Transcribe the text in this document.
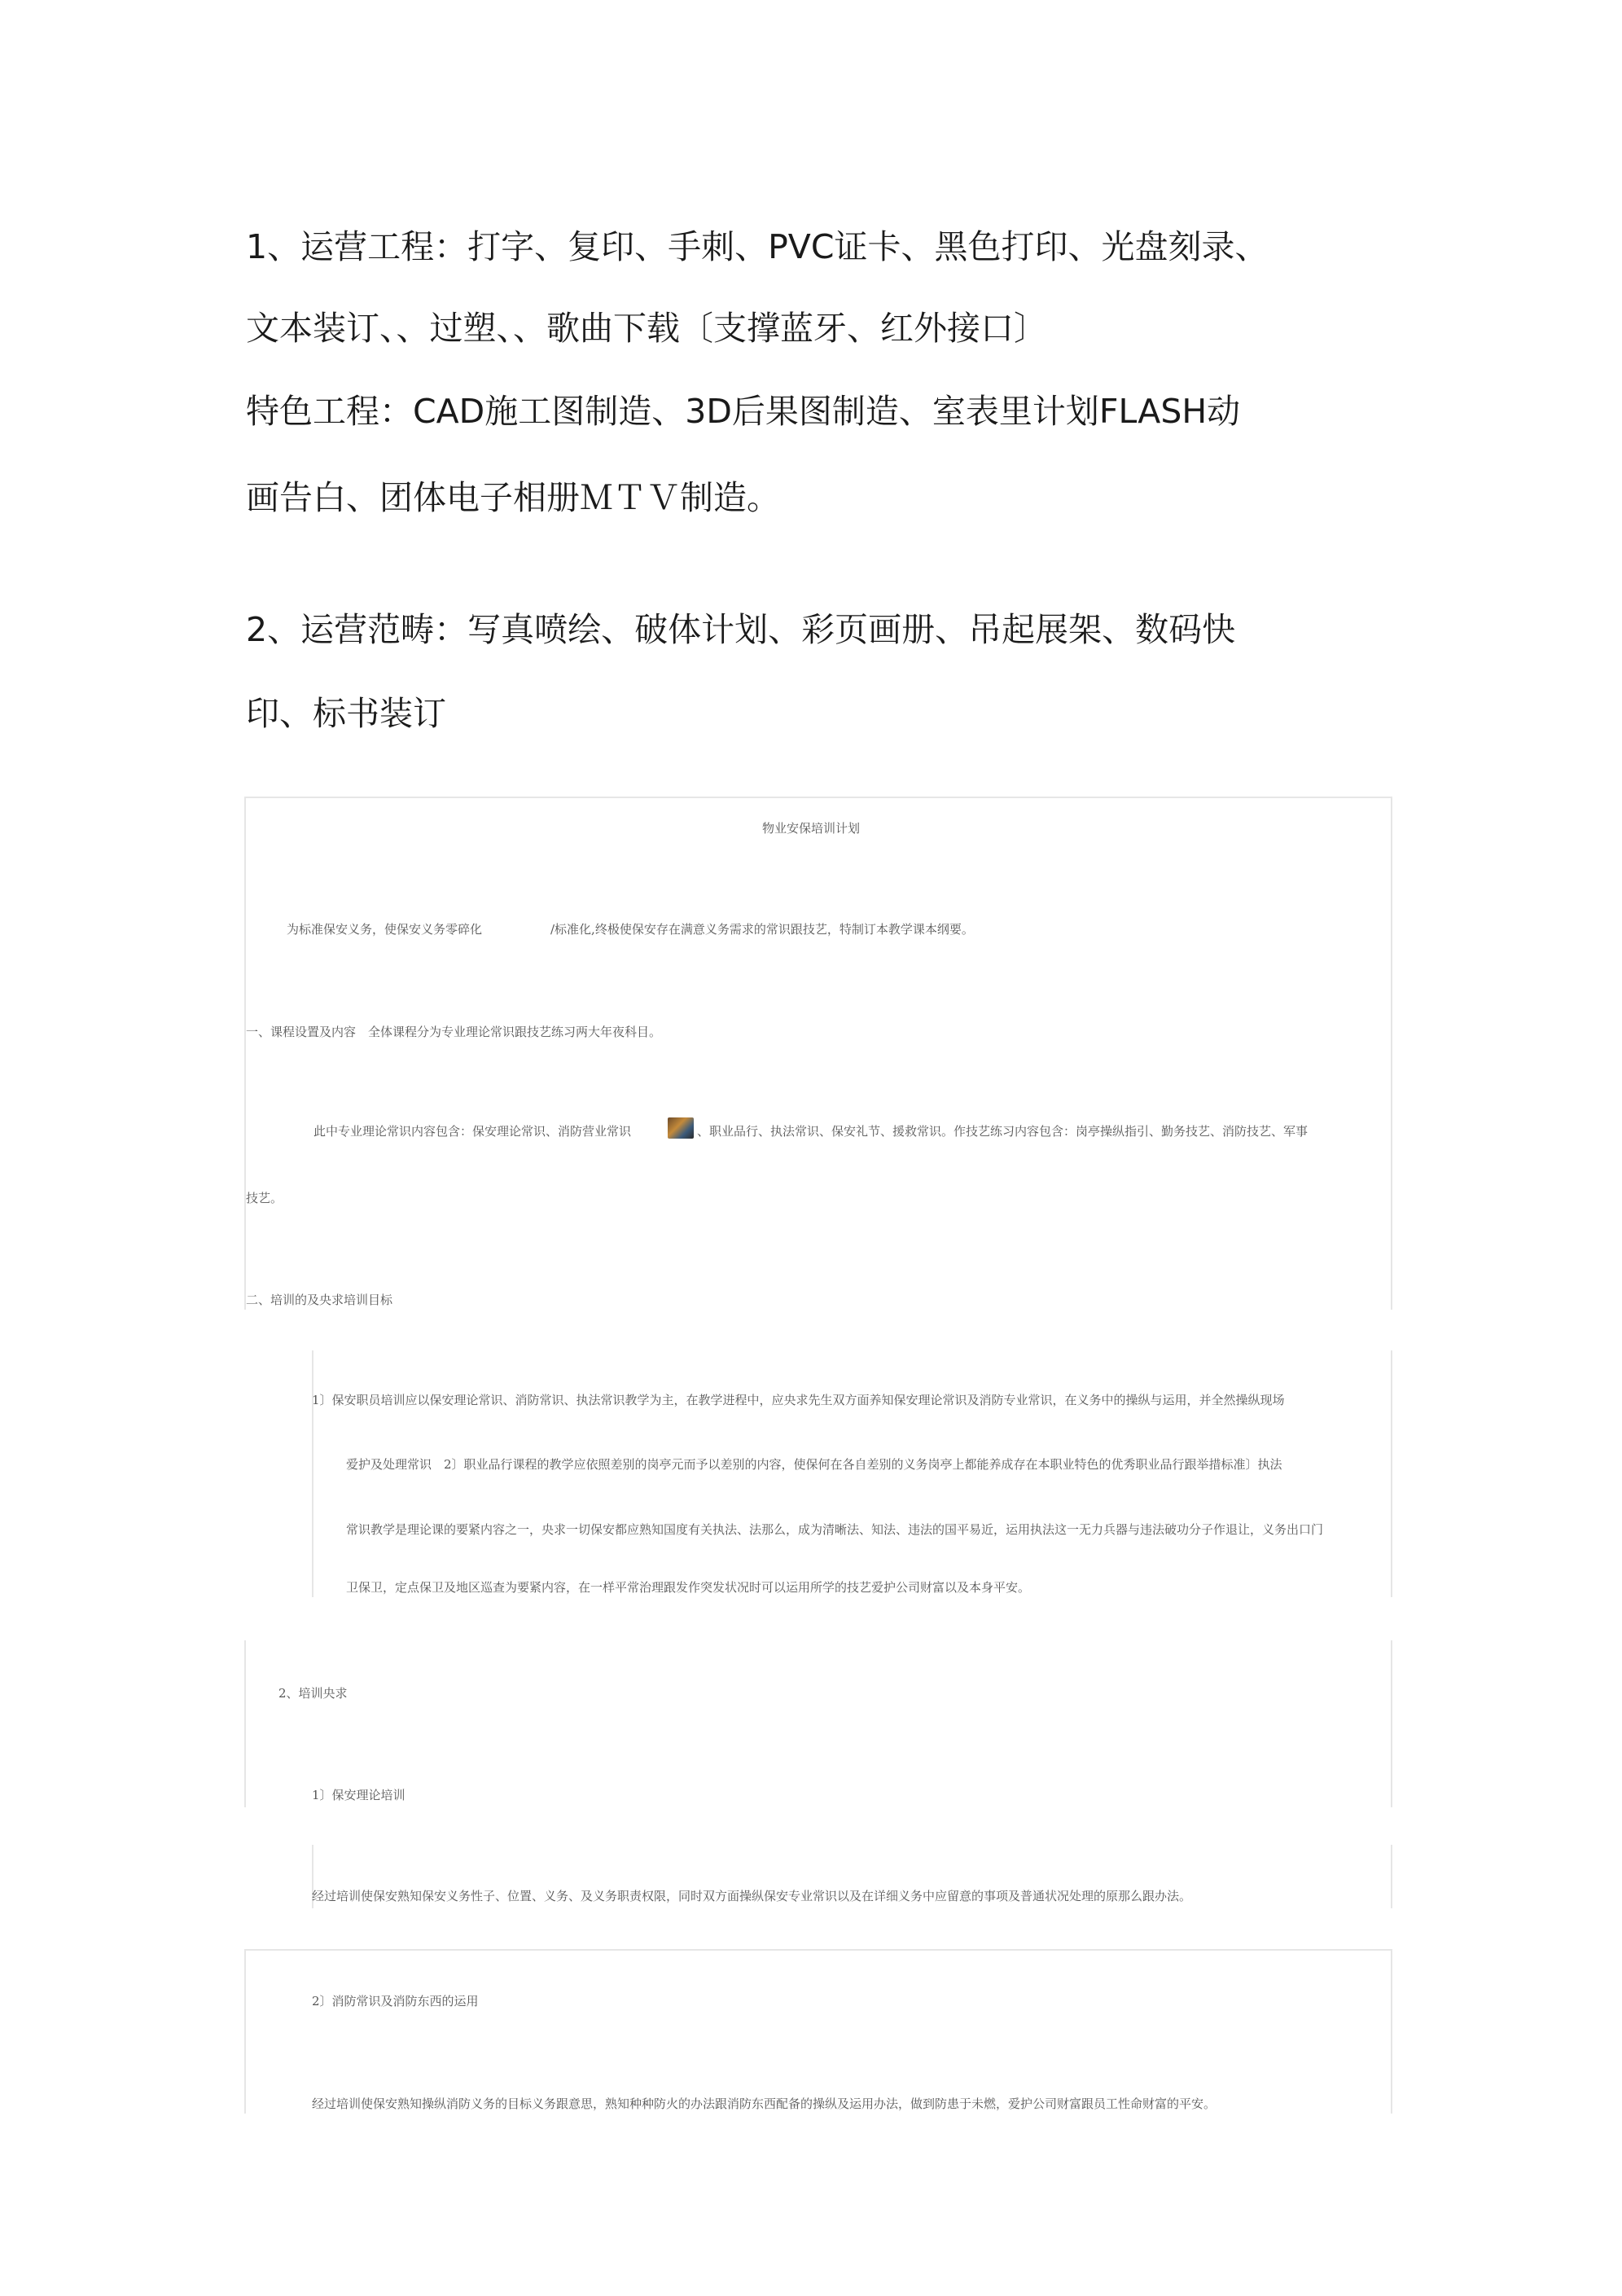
1、运营工程：打字、复印、手刺、PVC证卡、黑色打印、光盘刻录、
文本装订、、过塑、、歌曲下载〔支撑蓝牙、红外接口〕
特色工程：CAD施工图制造、3D后果图制造、室表里计划FLASH动
画告白、团体电子相册ＭＴＶ制造。
2、运营范畴：写真喷绘、破体计划、彩页画册、吊起展架、数码快
印、标书装订
物业安保培训计划
为标准保安义务，使保安义务零碎化	/标准化,终极使保安存在满意义务需求的常识跟技艺，特制订本教学课本纲要。
一、课程设置及内容　全体课程分为专业理论常识跟技艺练习两大年夜科目。
此中专业理论常识内容包含：保安理论常识、消防营业常识	、职业品行、执法常识、保安礼节、援救常识。作技艺练习内容包含：岗亭操纵指引、勤务技艺、消防技艺、军事
技艺。
二、培训的及央求培训目标
1〕保安职员培训应以保安理论常识、消防常识、执法常识教学为主，在教学进程中，应央求先生双方面养知保安理论常识及消防专业常识，在义务中的操纵与运用，并全然操纵现场
爱护及处理常识　2〕职业品行课程的教学应依照差别的岗亭元而予以差别的内容，使保何在各自差别的义务岗亭上都能养成存在本职业特色的优秀职业品行跟举措标准〕执法
常识教学是理论课的要紧内容之一，央求一切保安都应熟知国度有关执法、法那么，成为清晰法、知法、违法的国平易近，运用执法这一无力兵器与违法破功分子作退让，义务出口门
卫保卫，定点保卫及地区巡查为要紧内容，在一样平常治理跟发作突发状况时可以运用所学的技艺爱护公司财富以及本身平安。
2、培训央求
1〕保安理论培训
经过培训使保安熟知保安义务性子、位置、义务、及义务职责权限，同时双方面操纵保安专业常识以及在详细义务中应留意的事项及普通状况处理的原那么跟办法。
2〕消防常识及消防东西的运用
经过培训使保安熟知操纵消防义务的目标义务跟意思，熟知种种防火的办法跟消防东西配备的操纵及运用办法，做到防患于未燃，爱护公司财富跟员工性命财富的平安。
